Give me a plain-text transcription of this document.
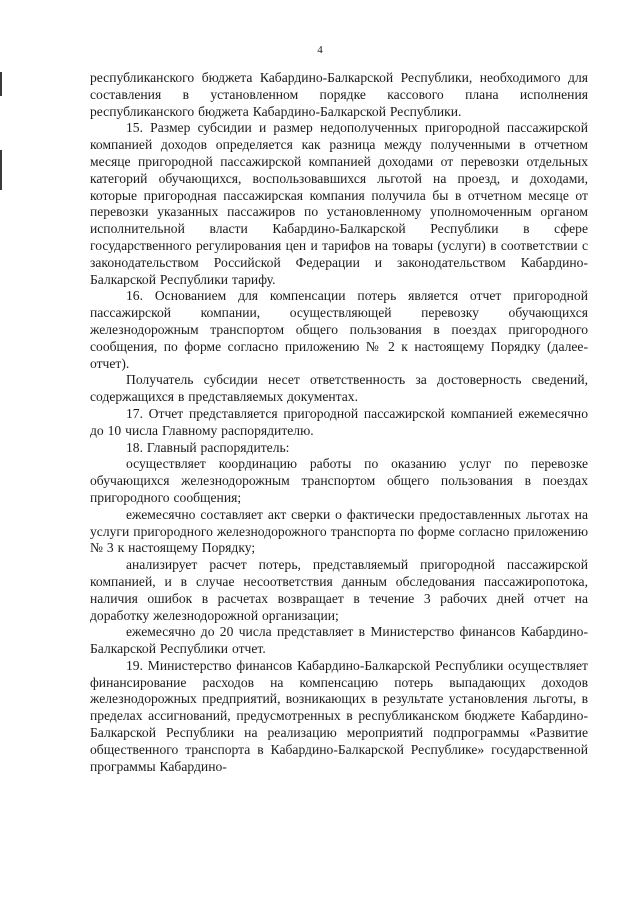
4

республиканского бюджета Кабардино-Балкарской Республики, необходимого для составления в установленном порядке кассового плана исполнения республиканского бюджета Кабардино-Балкарской Республики.

15. Размер субсидии и размер недополученных пригородной пассажирской компанией доходов определяется как разница между полученными в отчетном месяце пригородной пассажирской компанией доходами от перевозки отдельных категорий обучающихся, воспользовавшихся льготой на проезд, и доходами, которые пригородная пассажирская компания получила бы в отчетном месяце от перевозки указанных пассажиров по установленному уполномоченным органом исполнительной власти Кабардино-Балкарской Республики в сфере государственного регулирования цен и тарифов на товары (услуги) в соответствии с законодательством Российской Федерации и законодательством Кабардино-Балкарской Республики тарифу.

16. Основанием для компенсации потерь является отчет пригородной пассажирской компании, осуществляющей перевозку обучающихся железнодорожным транспортом общего пользования в поездах пригородного сообщения, по форме согласно приложению № 2 к настоящему Порядку (далее- отчет).

Получатель субсидии несет ответственность за достоверность сведений, содержащихся в представляемых документах.

17. Отчет представляется пригородной пассажирской компанией ежемесячно до 10 числа Главному распорядителю.

18. Главный распорядитель:

осуществляет координацию работы по оказанию услуг по перевозке обучающихся железнодорожным транспортом общего пользования в поездах пригородного сообщения;

ежемесячно составляет акт сверки о фактически предоставленных льготах на услуги пригородного железнодорожного транспорта по форме согласно приложению № 3 к настоящему Порядку;

анализирует расчет потерь, представляемый пригородной пассажирской компанией, и в случае несоответствия данным обследования пассажиропотока, наличия ошибок в расчетах возвращает в течение 3 рабочих дней отчет на доработку железнодорожной организации;

ежемесячно до 20 числа представляет в Министерство финансов Кабардино-Балкарской Республики отчет.

19. Министерство финансов Кабардино-Балкарской Республики осуществляет финансирование расходов на компенсацию потерь выпадающих доходов железнодорожных предприятий, возникающих в результате установления льготы, в пределах ассигнований, предусмотренных в республиканском бюджете Кабардино-Балкарской Республики на реализацию мероприятий подпрограммы «Развитие общественного транспорта в Кабардино-Балкарской Республике» государственной программы Кабардино-
